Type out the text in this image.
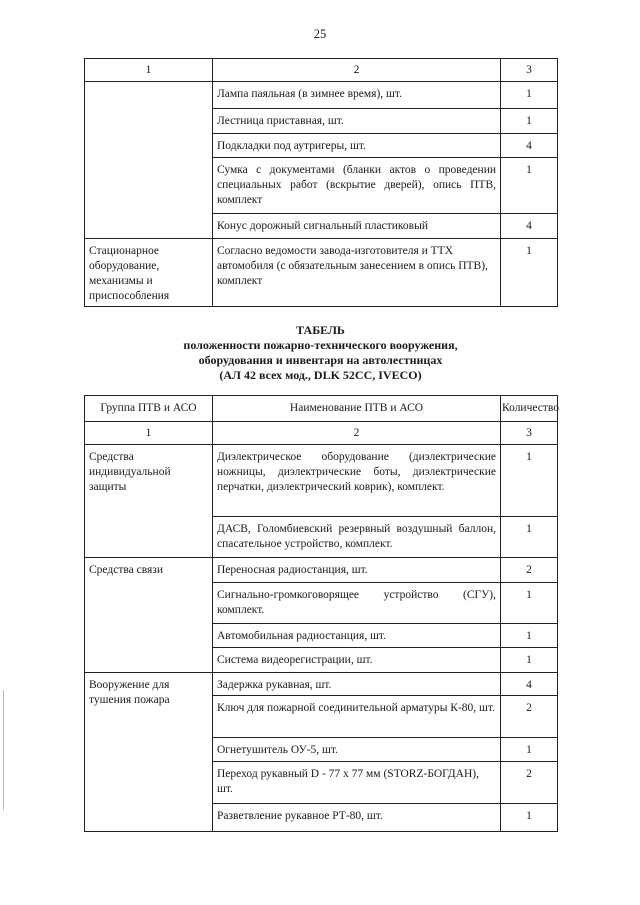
25
1	2	3
	Лампа паяльная (в зимнее время), шт.	1
	Лестница приставная, шт.	1
	Подкладки под аутригеры, шт.	4
	Сумка с документами (бланки актов о проведении специальных работ (вскрытие дверей), опись ПТВ, комплект	1
	Конус дорожный сигнальный пластиковый	4
Стационарное оборудование, механизмы и приспособления	Согласно ведомости завода-изготовителя и ТТХ автомобиля (с обязательным занесением в опись ПТВ), комплект	1
ТАБЕЛЬ
положенности пожарно-технического вооружения,
оборудования и инвентаря на автолестницах
(АЛ 42 всех мод., DLK 52CC, IVECO)
Группа ПТВ и АСО	Наименование ПТВ и АСО	Количество
1	2	3
Средства индивидуальной защиты	Диэлектрическое оборудование (диэлектрические ножницы, диэлектрические боты, диэлектрические перчатки, диэлектрический коврик), комплект.	1
	ДАСВ, Голомбиевский резервный воздушный баллон, спасательное устройство, комплект.	1
Средства связи	Переносная радиостанция, шт.	2
	Сигнально-громкоговорящее устройство (СГУ), комплект.	1
	Автомобильная радиостанция, шт.	1
	Система видеорегистрации, шт.	1
Вооружение для тушения пожара	Задержка рукавная, шт.	4
	Ключ для пожарной соединительной арматуры К-80, шт.	2
	Огнетушитель ОУ-5, шт.	1
	Переход рукавный D - 77 х 77 мм (STORZ-БОГДАН), шт.	2
	Разветвление рукавное РТ-80, шт.	1
